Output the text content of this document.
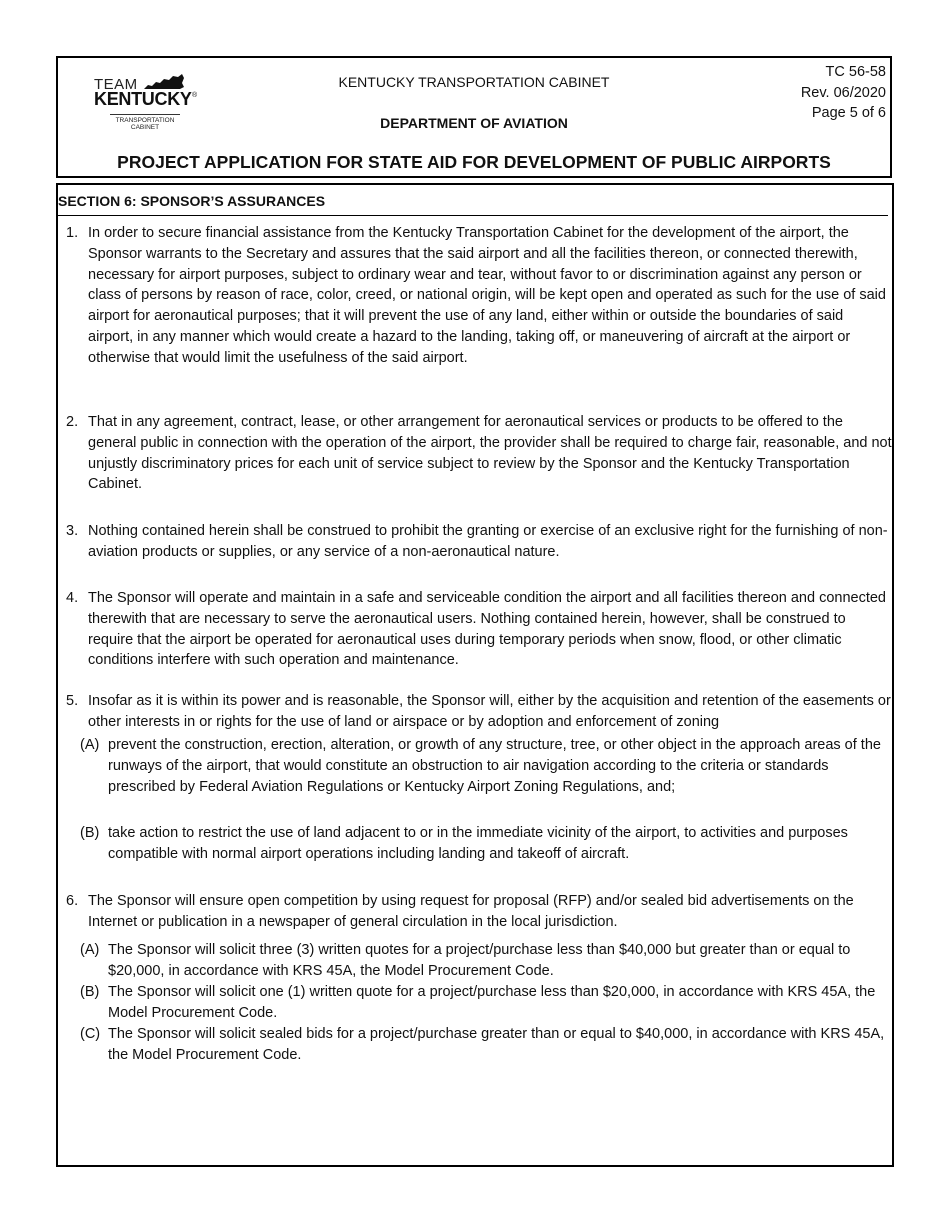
TEAM
KENTUCKY ®
TRANSPORTATION CABINET
KENTUCKY TRANSPORTATION CABINET
DEPARTMENT OF AVIATION
TC 56-58
Rev. 06/2020
Page 5 of 6
PROJECT APPLICATION FOR STATE AID FOR DEVELOPMENT OF PUBLIC AIRPORTS
SECTION 6: SPONSOR’S ASSURANCES
1. In order to secure financial assistance from the Kentucky Transportation Cabinet for the development of the airport, the Sponsor warrants to the Secretary and assures that the said airport and all the facilities thereon, or connected therewith, necessary for airport purposes, subject to ordinary wear and tear, without favor to or discrimination against any person or class of persons by reason of race, color, creed, or national origin, will be kept open and operated as such for the use of said airport for aeronautical purposes; that it will prevent the use of any land, either within or outside the boundaries of said airport, in any manner which would create a hazard to the landing, taking off, or maneuvering of aircraft at the airport or otherwise that would limit the usefulness of the said airport.
2. That in any agreement, contract, lease, or other arrangement for aeronautical services or products to be offered to the general public in connection with the operation of the airport, the provider shall be required to charge fair, reasonable, and not unjustly discriminatory prices for each unit of service subject to review by the Sponsor and the Kentucky Transportation Cabinet.
3. Nothing contained herein shall be construed to prohibit the granting or exercise of an exclusive right for the furnishing of non-aviation products or supplies, or any service of a non-aeronautical nature.
4. The Sponsor will operate and maintain in a safe and serviceable condition the airport and all facilities thereon and connected therewith that are necessary to serve the aeronautical users. Nothing contained herein, however, shall be construed to require that the airport be operated for aeronautical uses during temporary periods when snow, flood, or other climatic conditions interfere with such operation and maintenance.
5. Insofar as it is within its power and is reasonable, the Sponsor will, either by the acquisition and retention of the easements or other interests in or rights for the use of land or airspace or by adoption and enforcement of zoning
(A) prevent the construction, erection, alteration, or growth of any structure, tree, or other object in the approach areas of the runways of the airport, that would constitute an obstruction to air navigation according to the criteria or standards prescribed by Federal Aviation Regulations or Kentucky Airport Zoning Regulations, and;
(B) take action to restrict the use of land adjacent to or in the immediate vicinity of the airport, to activities and purposes compatible with normal airport operations including landing and takeoff of aircraft.
6. The Sponsor will ensure open competition by using request for proposal (RFP) and/or sealed bid advertisements on the Internet or publication in a newspaper of general circulation in the local jurisdiction.
(A) The Sponsor will solicit three (3) written quotes for a project/purchase less than $40,000 but greater than or equal to $20,000, in accordance with KRS 45A, the Model Procurement Code.
(B) The Sponsor will solicit one (1) written quote for a project/purchase less than $20,000, in accordance with KRS 45A, the Model Procurement Code.
(C) The Sponsor will solicit sealed bids for a project/purchase greater than or equal to $40,000, in accordance with KRS 45A, the Model Procurement Code.
